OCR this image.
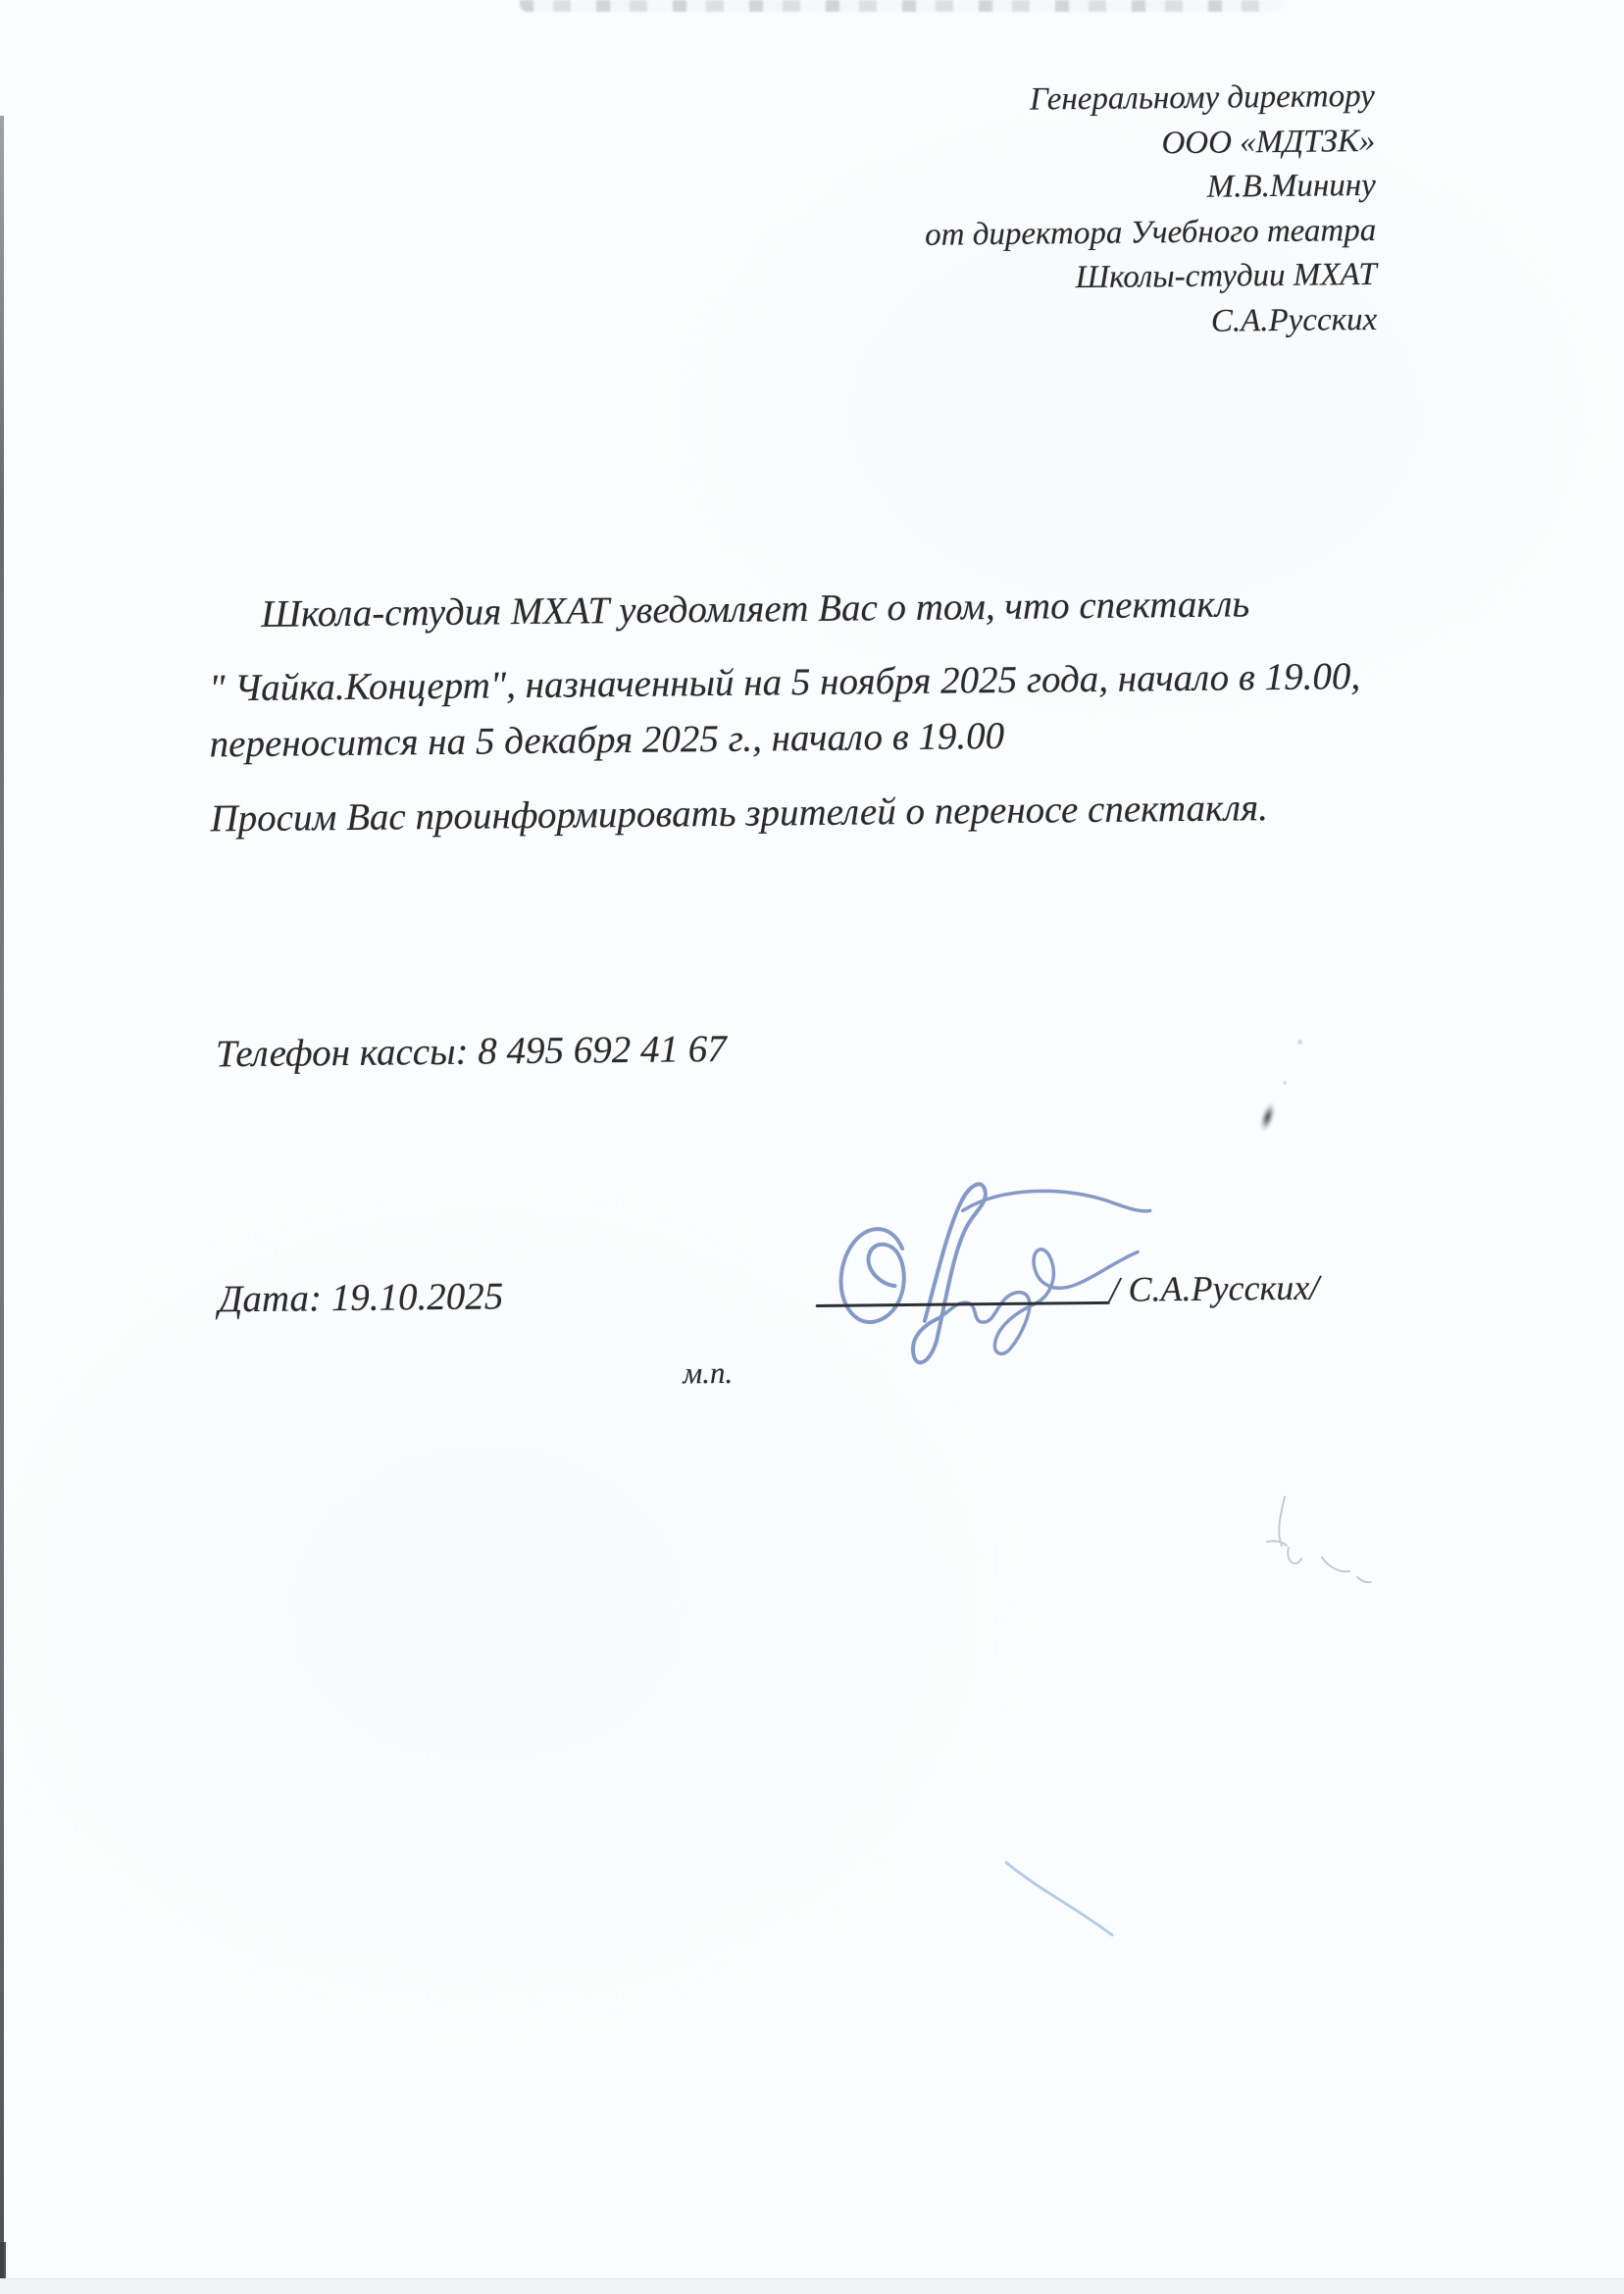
Генеральному директору
ООО «МДТЗК»
М.В.Минину
от директора Учебного театра
Школы-студии МХАТ
С.А.Русских
Школа-студия МХАТ уведомляет Вас о том, что спектакль
" Чайка.Концерт", назначенный на 5 ноября 2025 года, начало в 19.00,
переносится на 5 декабря 2025 г., начало в 19.00
Просим Вас проинформировать зрителей о переносе спектакля.
Телефон кассы: 8 495 692 41 67
Дата: 19.10.2025	/ С.А.Русских/
м.п.
